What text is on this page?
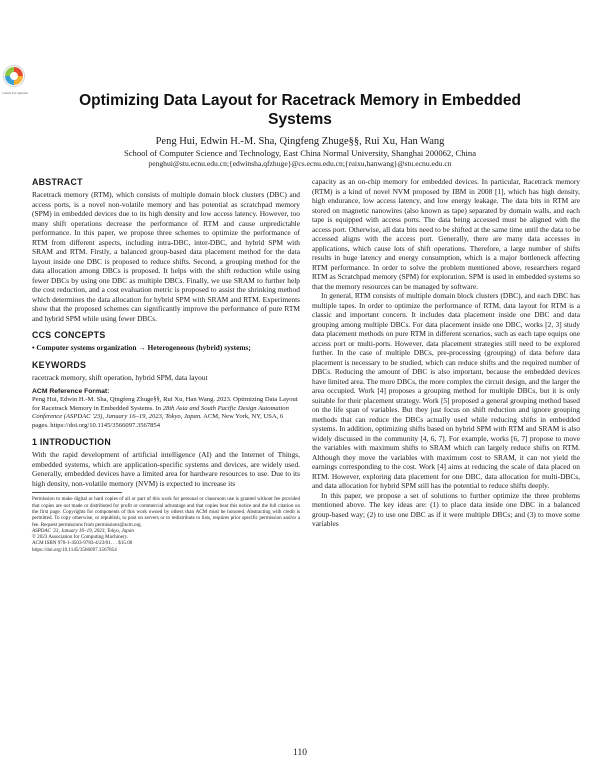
Check for updates	Optimizing Data Layout for Racetrack Memory in Embedded Systems
Peng Hui, Edwin H.-M. Sha, Qingfeng Zhuge§§, Rui Xu, Han Wang
School of Computer Science and Technology, East China Normal University, Shanghai 200062, China
penghui@stu.ecnu.edu.cn;{edwinsha,qfzhuge}@cs.ecnu.edu.cn;{ruixu,hanwang}@stu.ecnu.edu.cn
ABSTRACT

Racetrack memory (RTM), which consists of multiple domain block clusters (DBC) and access ports, is a novel non-volatile memory and has potential as scratchpad memory (SPM) in embedded devices due to its high density and low access latency. However, too many shift operations decrease the performance of RTM and cause unpredictable performance. In this paper, we propose three schemes to optimize the performance of RTM from different aspects, including intra-DBC, inter-DBC, and hybrid SPM with SRAM and RTM. Firstly, a balanced group-based data placement method for the data layout inside one DBC is proposed to reduce shifts. Second, a grouping method for the data allocation among DBCs is proposed. It helps with the shift reduction while using fewer DBCs by using one DBC as multiple DBCs. Finally, we use SRAM to further help the cost reduction, and a cost evaluation metric is proposed to assist the shrinking method which determines the data allocation for hybrid SPM with SRAM and RTM. Experiments show that the proposed schemes can significantly improve the performance of pure RTM and hybrid SPM while using fewer DBCs.

CCS CONCEPTS
• Computer systems organization → Heterogeneous (hybrid) systems;
KEYWORDS

racetrack memory, shift operation, hybrid SPM, data layout

ACM Reference Format:
Peng Hui, Edwin H.-M. Sha, Qingfeng Zhuge§§, Rui Xu, Han Wang. 2023. Optimizing Data Layout for Racetrack Memory in Embedded Systems. In 28th Asia and South Pacific Design Automation Conference (ASPDAC '23), January 16–19, 2023, Tokyo, Japan. ACM, New York, NY, USA, 6 pages. https://doi.org/10.1145/3566097.3567854
1 INTRODUCTION

With the rapid development of artificial intelligence (AI) and the Internet of Things, embedded systems, which are application-specific systems and devices, are widely used. Generally, embedded devices have a limited area for hardware resources to use. Due to its high density, non-volatile memory (NVM) is expected to increase its

Permission to make digital or hard copies of all or part of this work for personal or classroom use is granted without fee provided that copies are not made or distributed for profit or commercial advantage and that copies bear this notice and the full citation on the first page. Copyrights for components of this work owned by others than ACM must be honored. Abstracting with credit is permitted. To copy otherwise, or republish, to post on servers or to redistribute to lists, requires prior specific permission and/or a fee. Request permissions from permissions@acm.org.
ASPDAC '23, January 16–19, 2023, Tokyo, Japan
© 2023 Association for Computing Machinery.
ACM ISBN 978-1-4503-9783-4/23/01. . . $15.00
https://doi.org/10.1145/3566097.3567854

capacity as an on-chip memory for embedded devices. In particular, Racetrack memory (RTM) is a kind of novel NVM proposed by IBM in 2008 [1], which has high density, high endurance, low access latency, and low energy leakage. The data bits in RTM are stored on magnetic nanowires (also known as tape) separated by domain walls, and each tape is equipped with access ports. The data being accessed must be aligned with the access port. Otherwise, all data bits need to be shifted at the same time until the data to be accessed aligns with the access port. Generally, there are many data accesses in applications, which cause lots of shift operations. Therefore, a large number of shifts results in huge latency and energy consumption, which is a major bottleneck affecting RTM performance. In order to solve the problem mentioned above, researchers regard RTM as Scratchpad memory (SPM) for exploration. SPM is used in embedded systems so that the memory resources can be managed by software.

In general, RTM consists of multiple domain block clusters (DBC), and each DBC has multiple tapes. In order to optimize the performance of RTM, data layout for RTM is a classic and important concern. It includes data placement inside one DBC and data grouping among multiple DBCs. For data placement inside one DBC, works [2, 3] study data placement methods on pure RTM in different scenarios, such as each tape equips one access port or multi-ports. However, data placement strategies still need to be explored further. In the case of multiple DBCs, pre-processing (grouping) of data before data placement is necessary to be studied, which can reduce shifts and the required number of DBCs. Reducing the amount of DBC is also important, because the embedded devices have limited area. The more DBCs, the more complex the circuit design, and the larger the area occupied. Work [4] proposes a grouping method for multiple DBCs, but it is only suitable for their placement strategy. Work [5] proposed a general grouping method based on the life span of variables. But they just focus on shift reduction and ignore grouping methods that can reduce the DBCs actually used while reducing shifts in embedded systems. In addition, optimizing shifts based on hybrid SPM with RTM and SRAM is also widely discussed in the community [4, 6, 7]. For example, works [6, 7] propose to move the variables with maximum shifts to SRAM which can largely reduce shifts on RTM. Although they move the variables with maximum cost to SRAM, it can not yield the earnings corresponding to the cost. Work [4] aims at reducing the scale of data placed on RTM. However, exploring data placement for one DBC, data allocation for multi-DBCs, and data allocation for hybrid SPM still has the potential to reduce shifts deeply.

In this paper, we propose a set of solutions to further optimize the three problems mentioned above. The key ideas are: (1) to place data inside one DBC in a balanced group-based way; (2) to use one DBC as if it were multiple DBCs; and (3) to move some variables

110
